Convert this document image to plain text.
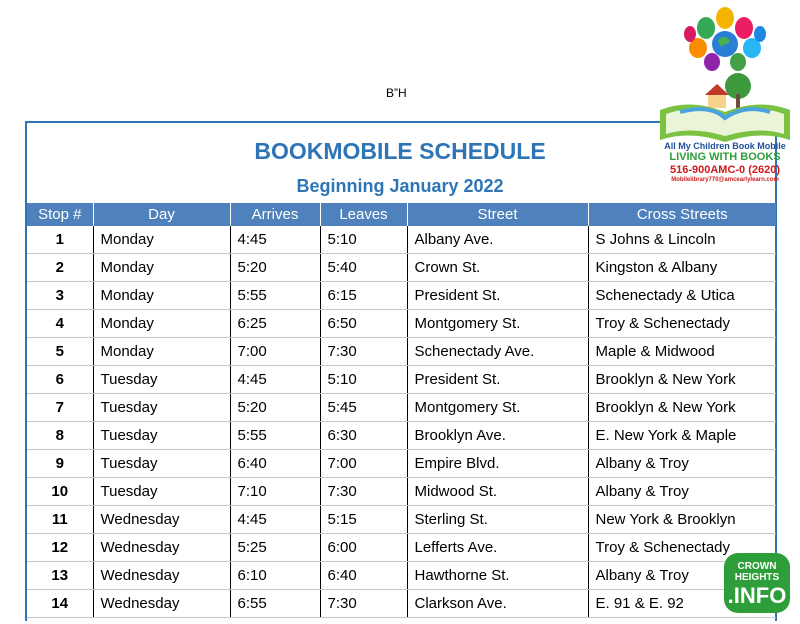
B”H
BOOKMOBILE SCHEDULE
Beginning January 2022
Stop #	Day	Arrives	Leaves	Street	Cross Streets
1	Monday	4:45	5:10	Albany Ave.	S Johns & Lincoln
2	Monday	5:20	5:40	Crown St.	Kingston & Albany
3	Monday	5:55	6:15	President St.	Schenectady & Utica
4	Monday	6:25	6:50	Montgomery St.	Troy & Schenectady
5	Monday	7:00	7:30	Schenectady Ave.	Maple & Midwood
6	Tuesday	4:45	5:10	President St.	Brooklyn & New York
7	Tuesday	5:20	5:45	Montgomery St.	Brooklyn & New York
8	Tuesday	5:55	6:30	Brooklyn Ave.	E. New York & Maple
9	Tuesday	6:40	7:00	Empire Blvd.	Albany & Troy
10	Tuesday	7:10	7:30	Midwood St.	Albany & Troy
11	Wednesday	4:45	5:15	Sterling St.	New York & Brooklyn
12	Wednesday	5:25	6:00	Lefferts Ave.	Troy & Schenectady
13	Wednesday	6:10	6:40	Hawthorne St.	Albany & Troy
14	Wednesday	6:55	7:30	Clarkson Ave.	E. 91 & E. 92
All My Children Book Mobile
LIVING WITH BOOKS
516-900AMC-0 (2620)
Mobilelibrary770@amcearlylearn.com
CROWN
HEIGHTS
.INFO
